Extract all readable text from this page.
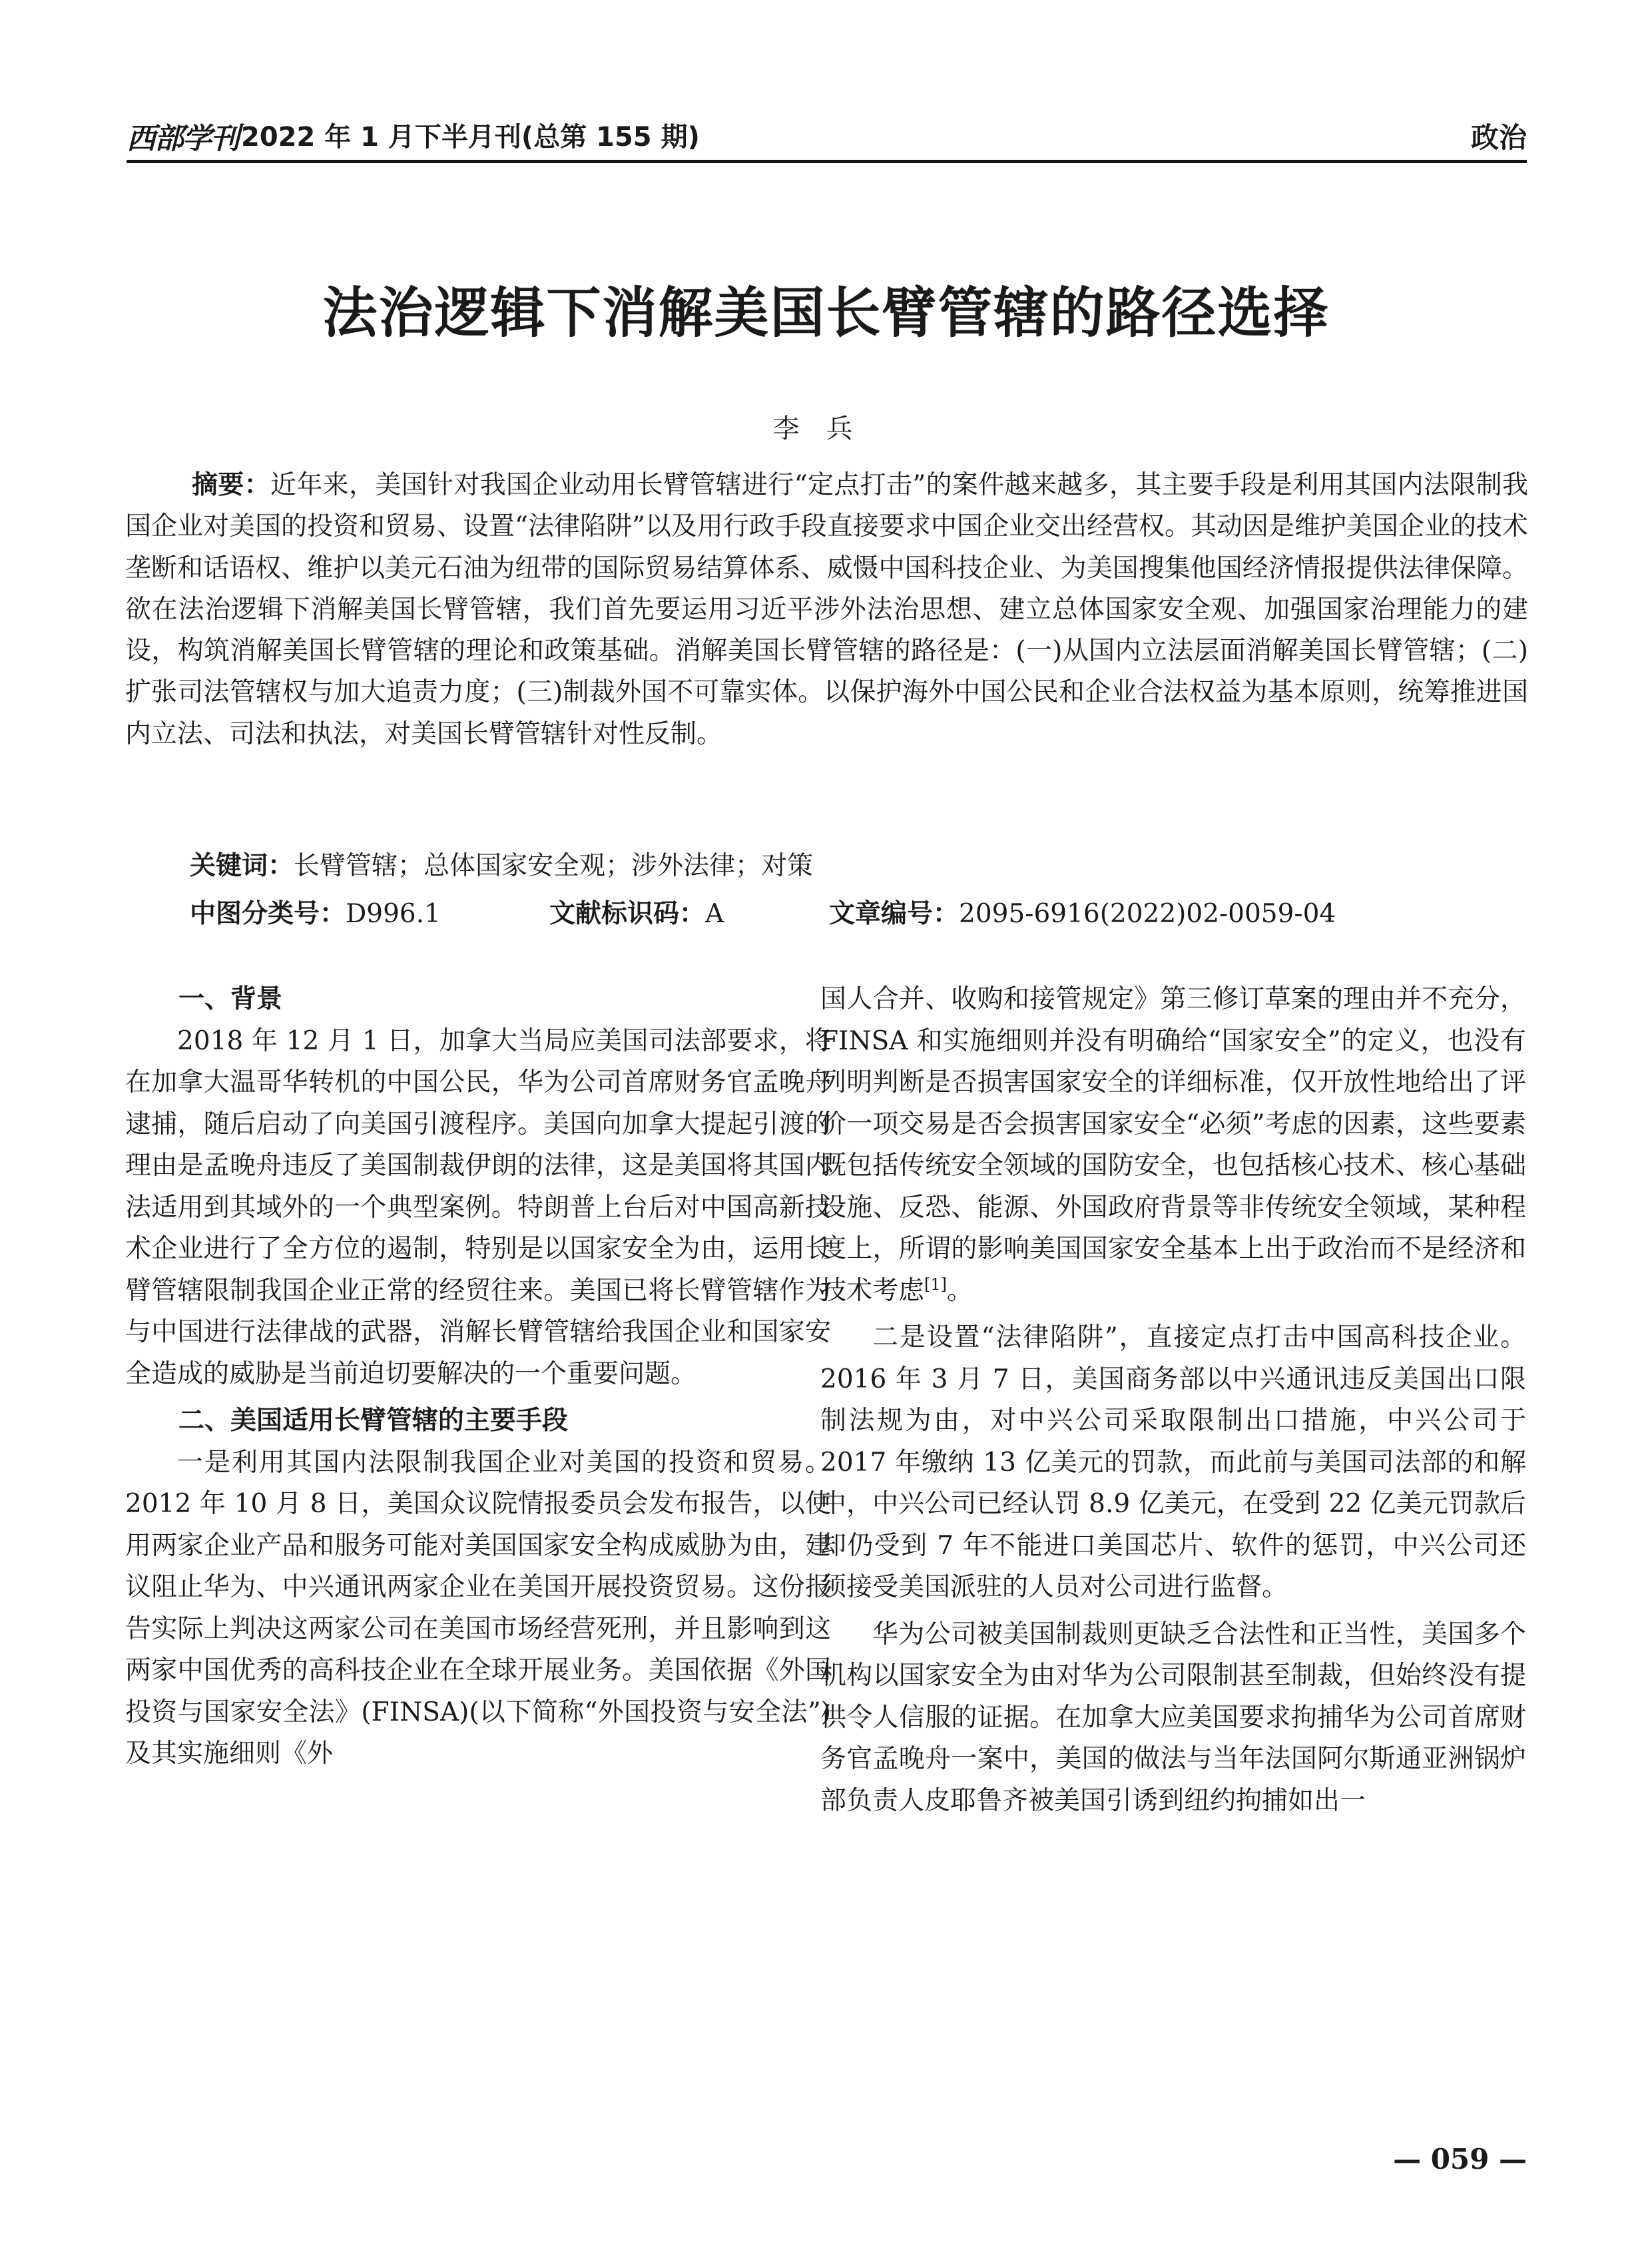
西部学刊 2022 年 1 月下半月刊(总第 155 期)	政治
法治逻辑下消解美国长臂管辖的路径选择
李兵
摘要：近年来，美国针对我国企业动用长臂管辖进行“定点打击”的案件越来越多，其主要手段是利用其国内法限制我国企业对美国的投资和贸易、设置“法律陷阱”以及用行政手段直接要求中国企业交出经营权。其动因是维护美国企业的技术垄断和话语权、维护以美元石油为纽带的国际贸易结算体系、威慑中国科技企业、为美国搜集他国经济情报提供法律保障。欲在法治逻辑下消解美国长臂管辖，我们首先要运用习近平涉外法治思想、建立总体国家安全观、加强国家治理能力的建设，构筑消解美国长臂管辖的理论和政策基础。消解美国长臂管辖的路径是：(一)从国内立法层面消解美国长臂管辖；(二)扩张司法管辖权与加大追责力度；(三)制裁外国不可靠实体。以保护海外中国公民和企业合法权益为基本原则，统筹推进国内立法、司法和执法，对美国长臂管辖针对性反制。
关键词：长臂管辖；总体国家安全观；涉外法律；对策
中图分类号：D996.1	文献标识码：A	文章编号：2095-6916(2022)02-0059-04
一、背景

2018 年 12 月 1 日，加拿大当局应美国司法部要求，将在加拿大温哥华转机的中国公民，华为公司首席财务官孟晚舟逮捕，随后启动了向美国引渡程序。美国向加拿大提起引渡的理由是孟晚舟违反了美国制裁伊朗的法律，这是美国将其国内法适用到其域外的一个典型案例。特朗普上台后对中国高新技术企业进行了全方位的遏制，特别是以国家安全为由，运用长臂管辖限制我国企业正常的经贸往来。美国已将长臂管辖作为与中国进行法律战的武器，消解长臂管辖给我国企业和国家安全造成的威胁是当前迫切要解决的一个重要问题。

二、美国适用长臂管辖的主要手段

一是利用其国内法限制我国企业对美国的投资和贸易。2012 年 10 月 8 日，美国众议院情报委员会发布报告，以使用两家企业产品和服务可能对美国国家安全构成威胁为由，建议阻止华为、中兴通讯两家企业在美国开展投资贸易。这份报告实际上判决这两家公司在美国市场经营死刑，并且影响到这两家中国优秀的高科技企业在全球开展业务。美国依据《外国投资与国家安全法》(FINSA)(以下简称“外国投资与安全法”)及其实施细则《外

国人合并、收购和接管规定》第三修订草案的理由并不充分，FINSA 和实施细则并没有明确给“国家安全”的定义，也没有列明判断是否损害国家安全的详细标准，仅开放性地给出了评价一项交易是否会损害国家安全“必须”考虑的因素，这些要素既包括传统安全领域的国防安全，也包括核心技术、核心基础设施、反恐、能源、外国政府背景等非传统安全领域，某种程度上，所谓的影响美国国家安全基本上出于政治而不是经济和技术考虑[1]。

二是设置“法律陷阱”，直接定点打击中国高科技企业。2016 年 3 月 7 日，美国商务部以中兴通讯违反美国出口限制法规为由，对中兴公司采取限制出口措施，中兴公司于 2017 年缴纳 13 亿美元的罚款，而此前与美国司法部的和解中，中兴公司已经认罚 8.9 亿美元，在受到 22 亿美元罚款后却仍受到 7 年不能进口美国芯片、软件的惩罚，中兴公司还须接受美国派驻的人员对公司进行监督。

华为公司被美国制裁则更缺乏合法性和正当性，美国多个机构以国家安全为由对华为公司限制甚至制裁，但始终没有提供令人信服的证据。在加拿大应美国要求拘捕华为公司首席财务官孟晚舟一案中，美国的做法与当年法国阿尔斯通亚洲锅炉部负责人皮耶鲁齐被美国引诱到纽约拘捕如出一

— 059 —
